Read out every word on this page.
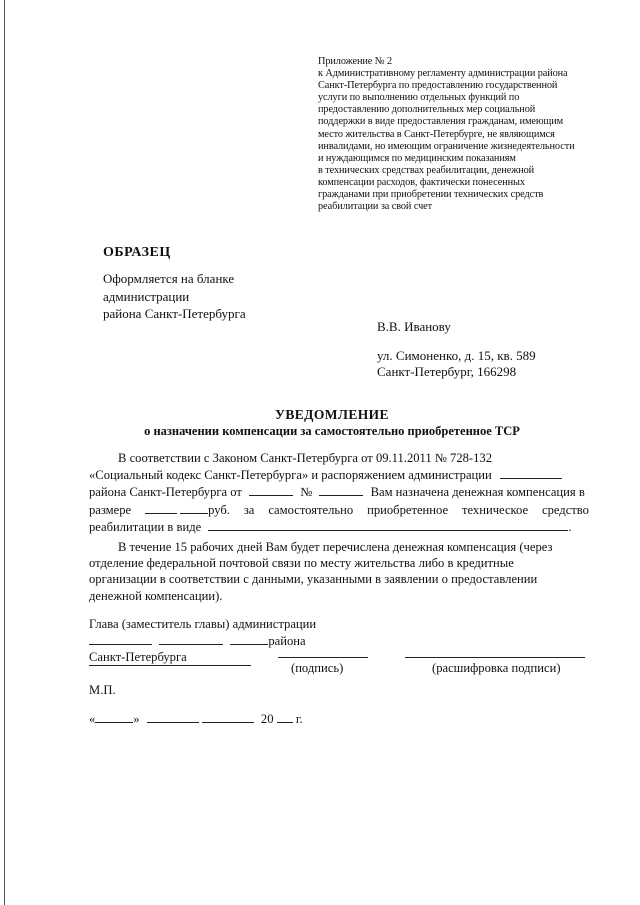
Приложение № 2
к Административному регламенту администрации района
Санкт-Петербурга по предоставлению государственной
услуги по выполнению отдельных функций по
предоставлению дополнительных мер социальной
поддержки в виде предоставления гражданам, имеющим
место жительства в Санкт-Петербурге, не являющимся
инвалидами, но имеющим ограничение жизнедеятельности
и нуждающимся по медицинским показаниям
в технических средствах реабилитации, денежной
компенсации расходов, фактически понесенных
гражданами при приобретении технических средств
реабилитации за свой счет
ОБРАЗЕЦ
Оформляется на бланке
администрации
района Санкт-Петербурга
В.В. Иванову
ул. Симоненко, д. 15, кв. 589
Санкт-Петербург, 166298
УВЕДОМЛЕНИЕ
о назначении компенсации за самостоятельно приобретенное ТСР
В соответствии с Законом Санкт-Петербурга от 09.11.2011 № 728-132
«Социальный кодекс Санкт-Петербурга» и распоряжением администрации
района Санкт-Петербурга от	№	Вам назначена денежная компенсация в
размере	руб. за самостоятельно приобретенное техническое средство
реабилитации в виде	.
В течение 15 рабочих дней Вам будет перечислена денежная компенсация (через
отделение федеральной почтовой связи по месту жительства либо в кредитные
организации в соответствии с данными, указанными в заявлении о предоставлении
денежной компенсации).
Глава (заместитель главы) администрации
района
Санкт-Петербурга
(подпись)	(расшифровка подписи)
М.П.
«	»	20 г.
